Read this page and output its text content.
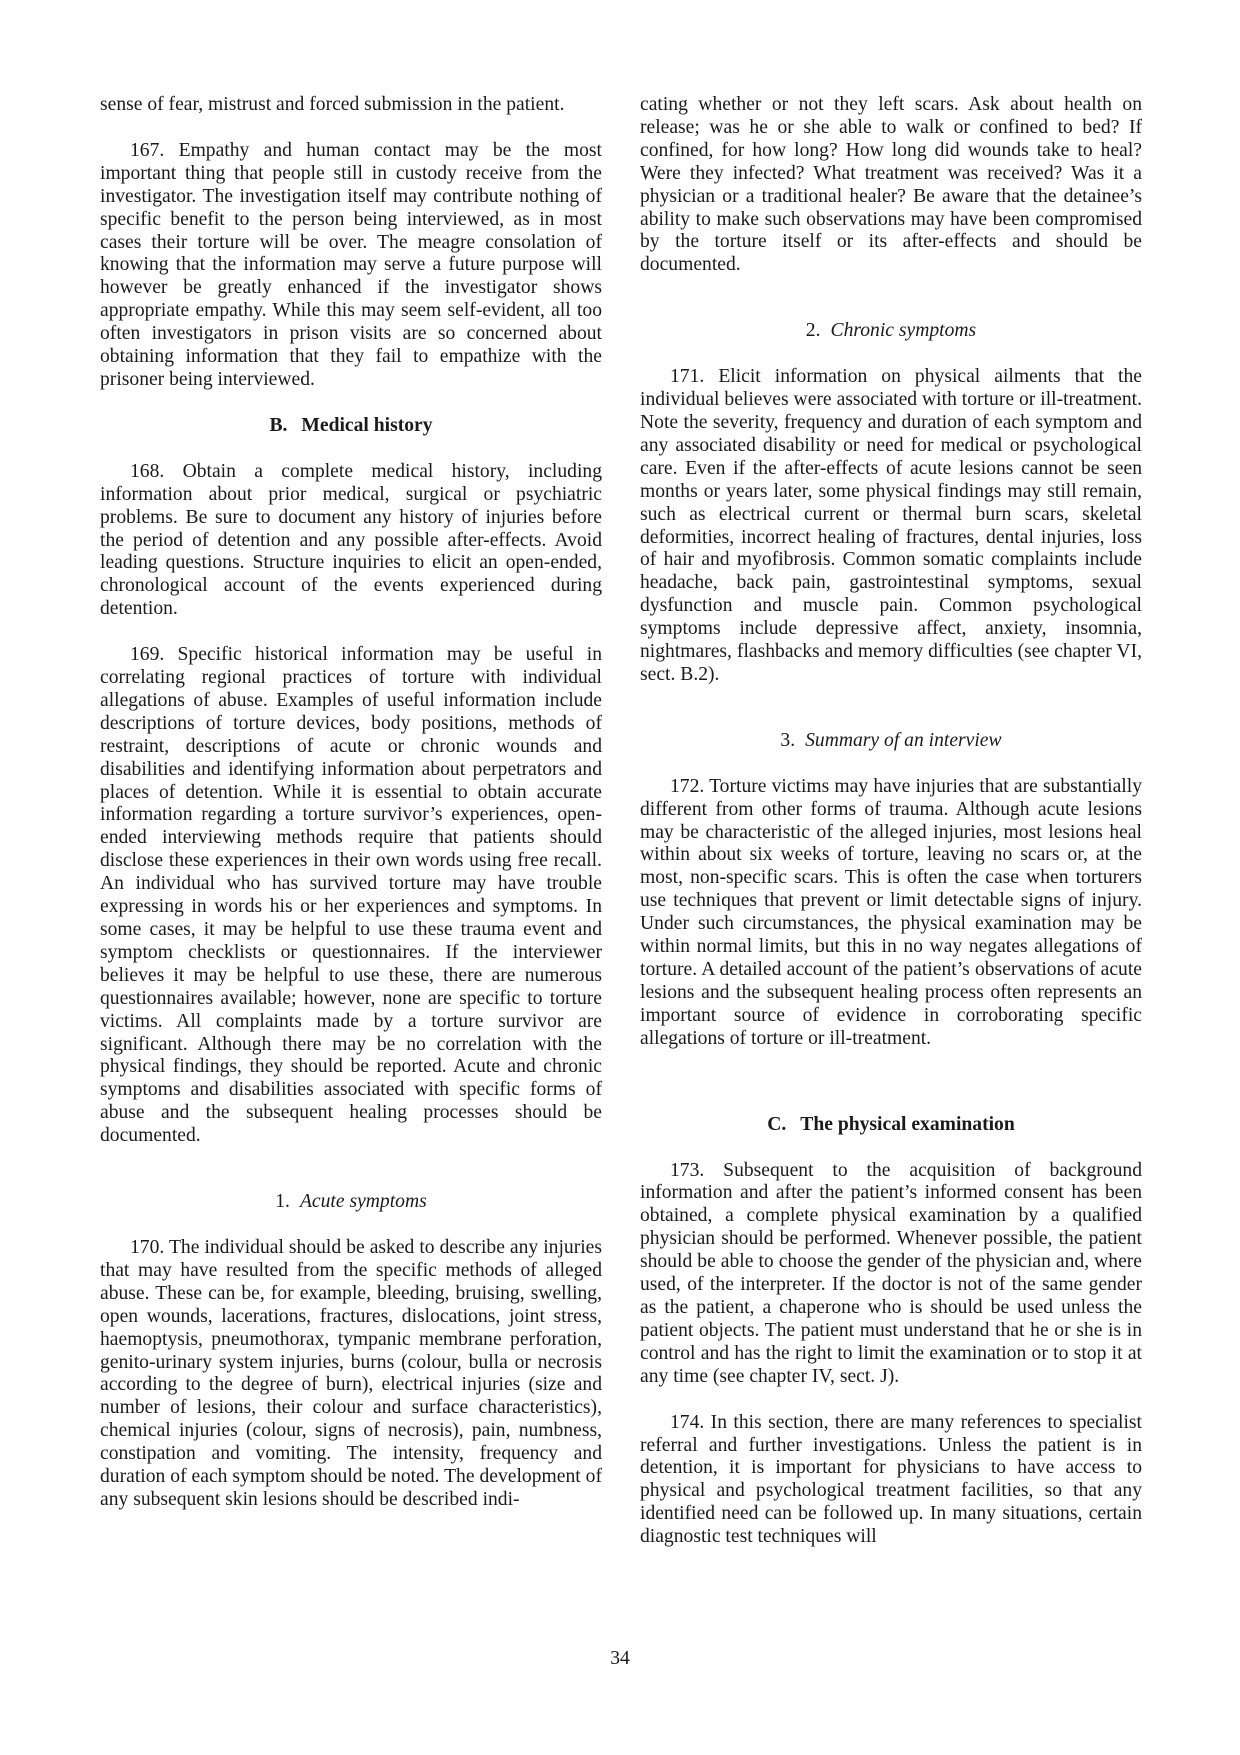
sense of fear, mistrust and forced submission in the patient.

167. Empathy and human contact may be the most important thing that people still in custody receive from the investigator. The investigation itself may contribute nothing of specific benefit to the person being interviewed, as in most cases their torture will be over. The meagre consolation of knowing that the information may serve a future purpose will however be greatly enhanced if the investigator shows appropriate empathy. While this may seem self-evident, all too often investigators in prison visits are so concerned about obtaining information that they fail to empathize with the prisoner being interviewed.

B. Medical history

168. Obtain a complete medical history, including information about prior medical, surgical or psychiatric problems. Be sure to document any history of injuries before the period of detention and any possible after-effects. Avoid leading questions. Structure inquiries to elicit an open-ended, chronological account of the events experienced during detention.

169. Specific historical information may be useful in correlating regional practices of torture with individual allegations of abuse. Examples of useful information include descriptions of torture devices, body positions, methods of restraint, descriptions of acute or chronic wounds and disabilities and identifying information about perpetrators and places of detention. While it is essential to obtain accurate information regarding a torture survivor’s experiences, open-ended interviewing methods require that patients should disclose these experiences in their own words using free recall. An individual who has survived torture may have trouble expressing in words his or her experiences and symptoms. In some cases, it may be helpful to use these trauma event and symptom checklists or questionnaires. If the interviewer believes it may be helpful to use these, there are numerous questionnaires available; however, none are specific to torture victims. All complaints made by a torture survivor are significant. Although there may be no correlation with the physical findings, they should be reported. Acute and chronic symptoms and disabilities associated with specific forms of abuse and the subsequent healing processes should be documented.

1. Acute symptoms

170. The individual should be asked to describe any injuries that may have resulted from the specific methods of alleged abuse. These can be, for example, bleeding, bruising, swelling, open wounds, lacerations, fractures, dislocations, joint stress, haemoptysis, pneumothorax, tympanic membrane perforation, genito-urinary system injuries, burns (colour, bulla or necrosis according to the degree of burn), electrical injuries (size and number of lesions, their colour and surface characteristics), chemical injuries (colour, signs of necrosis), pain, numbness, constipation and vomiting. The intensity, frequency and duration of each symptom should be noted. The development of any subsequent skin lesions should be described indi-

cating whether or not they left scars. Ask about health on release; was he or she able to walk or confined to bed? If confined, for how long? How long did wounds take to heal? Were they infected? What treatment was received? Was it a physician or a traditional healer? Be aware that the detainee’s ability to make such observations may have been compromised by the torture itself or its after-effects and should be documented.

2. Chronic symptoms

171. Elicit information on physical ailments that the individual believes were associated with torture or ill-treatment. Note the severity, frequency and duration of each symptom and any associated disability or need for medical or psychological care. Even if the after-effects of acute lesions cannot be seen months or years later, some physical findings may still remain, such as electrical current or thermal burn scars, skeletal deformities, incorrect healing of fractures, dental injuries, loss of hair and myofibrosis. Common somatic complaints include headache, back pain, gastrointestinal symptoms, sexual dysfunction and muscle pain. Common psychological symptoms include depressive affect, anxiety, insomnia, nightmares, flashbacks and memory difficulties (see chapter VI, sect. B.2).

3. Summary of an interview

172. Torture victims may have injuries that are substantially different from other forms of trauma. Although acute lesions may be characteristic of the alleged injuries, most lesions heal within about six weeks of torture, leaving no scars or, at the most, non-specific scars. This is often the case when torturers use techniques that prevent or limit detectable signs of injury. Under such circumstances, the physical examination may be within normal limits, but this in no way negates allegations of torture. A detailed account of the patient’s observations of acute lesions and the subsequent healing process often represents an important source of evidence in corroborating specific allegations of torture or ill-treatment.

C. The physical examination

173. Subsequent to the acquisition of background information and after the patient’s informed consent has been obtained, a complete physical examination by a qualified physician should be performed. Whenever possible, the patient should be able to choose the gender of the physician and, where used, of the interpreter. If the doctor is not of the same gender as the patient, a chaperone who is should be used unless the patient objects. The patient must understand that he or she is in control and has the right to limit the examination or to stop it at any time (see chapter IV, sect. J).

174. In this section, there are many references to specialist referral and further investigations. Unless the patient is in detention, it is important for physicians to have access to physical and psychological treatment facilities, so that any identified need can be followed up. In many situations, certain diagnostic test techniques will

34
